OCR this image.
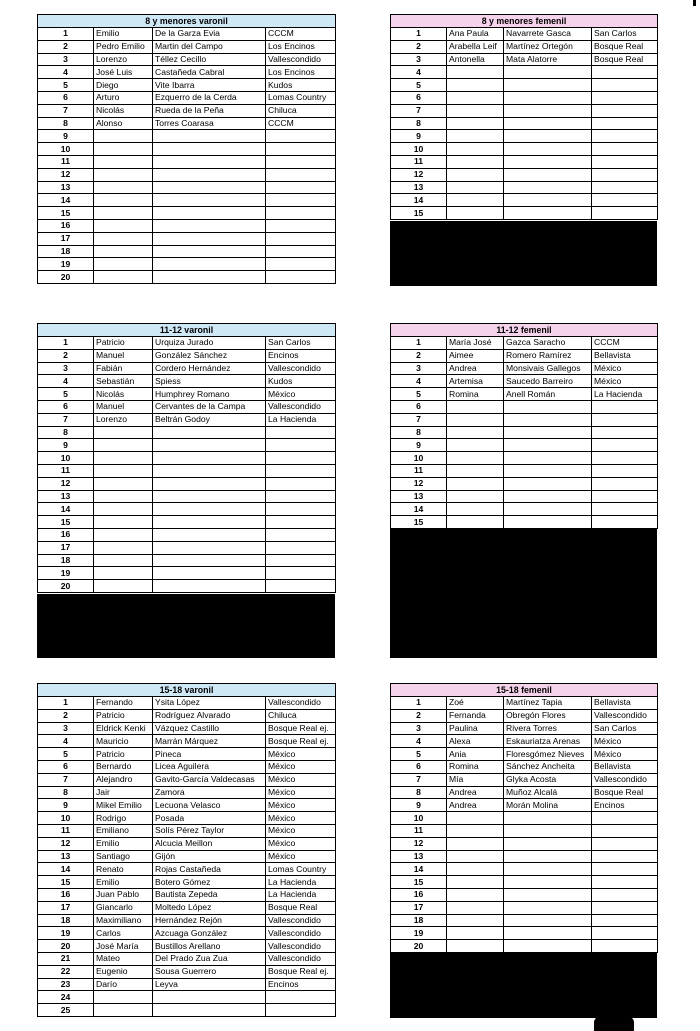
8 y menores varonil			
1	Emilio	De la Garza Evia	CCCM
2	Pedro Emilio	Martin del Campo	Los Encinos
3	Lorenzo	Téllez Cecillo	Vallescondido
4	José Luis	Castañeda Cabral	Los Encinos
5	Diego	Vite Ibarra	Kudos
6	Arturo	Ezquerro de la Cerda	Lomas Country
7	Nicolás	Rueda de la Peña	Chiluca
8	Alonso	Torres Coarasa	CCCM
9			
10			
11			
12			
13			
14			
15			
16			
17			
18			
19			
20			
8 y menores femenil			
1	Ana Paula	Navarrete Gasca	San Carlos
2	Arabella Leif	Martínez Ortegón	Bosque Real
3	Antonella	Mata Alatorre	Bosque Real
4			
5			
6			
7			
8			
9			
10			
11			
12			
13			
14			
15			
11-12 varonil			
1	Patricio	Urquiza Jurado	San Carlos
2	Manuel	González Sánchez	Encinos
3	Fabián	Cordero Hernández	Vallescondido
4	Sebastián	Spiess	Kudos
5	Nicolás	Humphrey Romano	México
6	Manuel	Cervantes de la Campa	Vallescondido
7	Lorenzo	Beltrán Godoy	La Hacienda
8			
9			
10			
11			
12			
13			
14			
15			
16			
17			
18			
19			
20			
11-12 femenil			
1	María José	Gazca Saracho	CCCM
2	Aimee	Romero Ramírez	Bellavista
3	Andrea	Monsivais Gallegos	México
4	Artemisa	Saucedo Barreiro	México
5	Romina	Anell Román	La Hacienda
6			
7			
8			
9			
10			
11			
12			
13			
14			
15			
15-18 varonil			
1	Fernando	Ysita López	Vallescondido
2	Patricio	Rodríguez Alvarado	Chiluca
3	Eldrick Kenki	Vázquez Castillo	Bosque Real ej.
4	Mauricio	Marrán Márquez	Bosque Real ej.
5	Patricio	Pineca	México
6	Bernardo	Licea Aguilera	México
7	Alejandro	Gavito-García Valdecasas	México
8	Jair	Zamora	México
9	Mikel Emilio	Lecuona Velasco	México
10	Rodrigo	Posada	México
11	Emiliano	Solís Pérez Taylor	México
12	Emilio	Alcucia Meillon	México
13	Santiago	Gijón	México
14	Renato	Rojas Castañeda	Lomas Country
15	Emilio	Botero Gómez	La Hacienda
16	Juan Pablo	Bautista Zepeda	La Hacienda
17	Giancarlo	Moltedo López	Bosque Real
18	Maximiliano	Hernández Rejón	Vallescondido
19	Carlos	Azcuaga González	Vallescondido
20	José María	Bustillos Arellano	Vallescondido
21	Mateo	Del Prado Zua Zua	Vallescondido
22	Eugenio	Sousa Guerrero	Bosque Real ej.
23	Darío	Leyva	Encinos
24			
25			
15-18 femenil			
1	Zoé	Martínez Tapia	Bellavista
2	Fernanda	Obregón Flores	Vallescondido
3	Paulina	Rivera Torres	San Carlos
4	Alexa	Eskauriatza Arenas	México
5	Ania	Floresgómez Nieves	México
6	Romina	Sánchez Ancheita	Bellavista
7	Mía	Glyka Acosta	Vallescondido
8	Andrea	Muñoz Alcalá	Bosque Real
9	Andrea	Morán Molina	Encinos
10			
11			
12			
13			
14			
15			
16			
17			
18			
19			
20			
